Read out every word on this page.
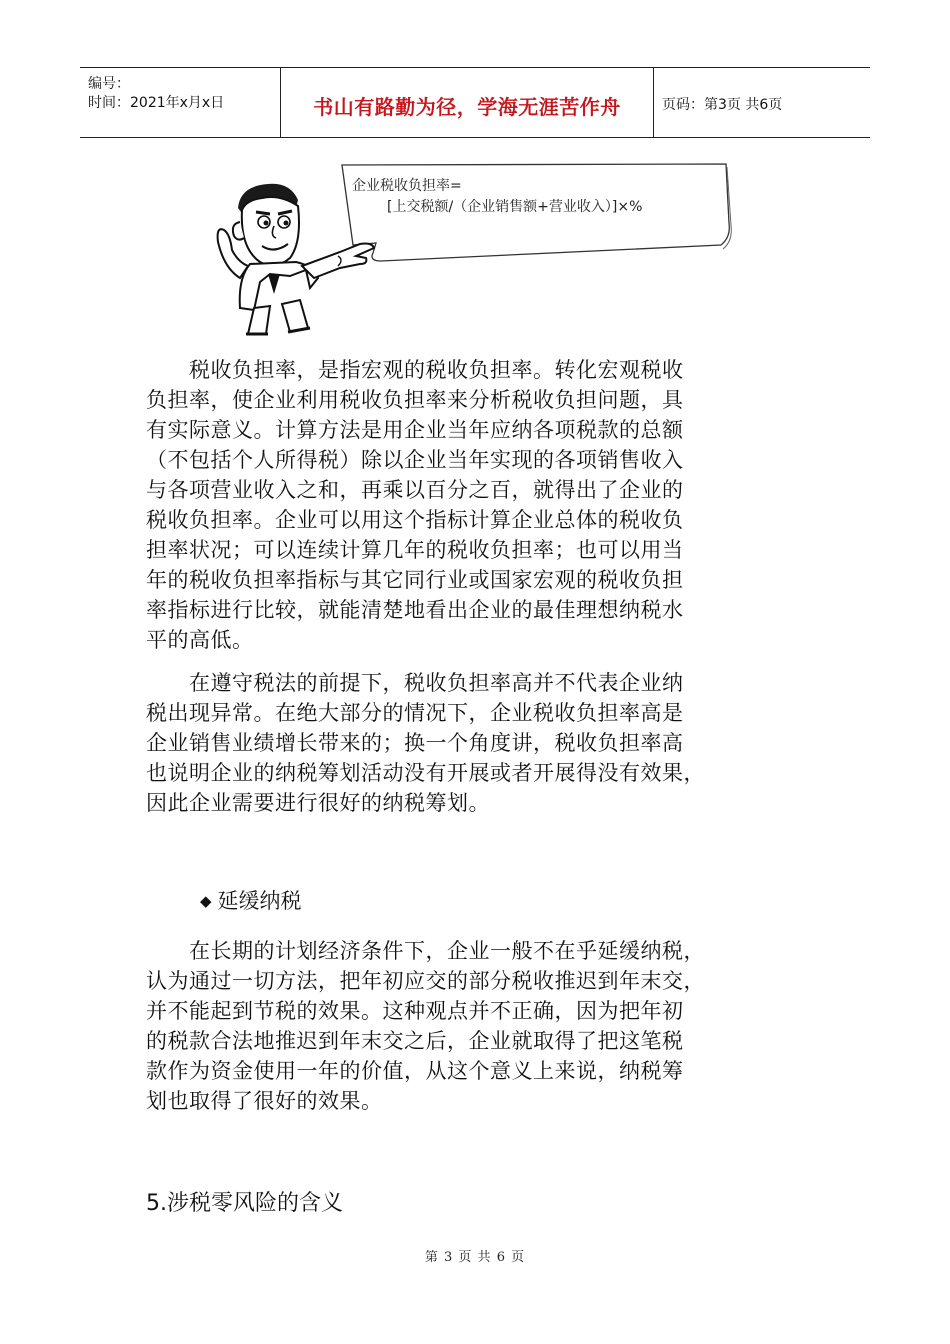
编号：
时间：2021年x月x日	书山有路勤为径，学海无涯苦作舟	页码：第3页 共6页
企业税收负担率=
[上交税额/（企业销售额+营业收入）]×%
　　税收负担率，是指宏观的税收负担率。转化宏观税收
负担率，使企业利用税收负担率来分析税收负担问题，具
有实际意义。计算方法是用企业当年应纳各项税款的总额
（不包括个人所得税）除以企业当年实现的各项销售收入
与各项营业收入之和，再乘以百分之百，就得出了企业的
税收负担率。企业可以用这个指标计算企业总体的税收负
担率状况；可以连续计算几年的税收负担率；也可以用当
年的税收负担率指标与其它同行业或国家宏观的税收负担
率指标进行比较，就能清楚地看出企业的最佳理想纳税水
平的高低。
　　在遵守税法的前提下，税收负担率高并不代表企业纳
税出现异常。在绝大部分的情况下，企业税收负担率高是
企业销售业绩增长带来的；换一个角度讲，税收负担率高
也说明企业的纳税筹划活动没有开展或者开展得没有效果，
因此企业需要进行很好的纳税筹划。
◆ 延缓纳税
　　在长期的计划经济条件下，企业一般不在乎延缓纳税，
认为通过一切方法，把年初应交的部分税收推迟到年末交，
并不能起到节税的效果。这种观点并不正确，因为把年初
的税款合法地推迟到年末交之后，企业就取得了把这笔税
款作为资金使用一年的价值，从这个意义上来说，纳税筹
划也取得了很好的效果。
5.涉税零风险的含义
第 3 页 共 6 页
